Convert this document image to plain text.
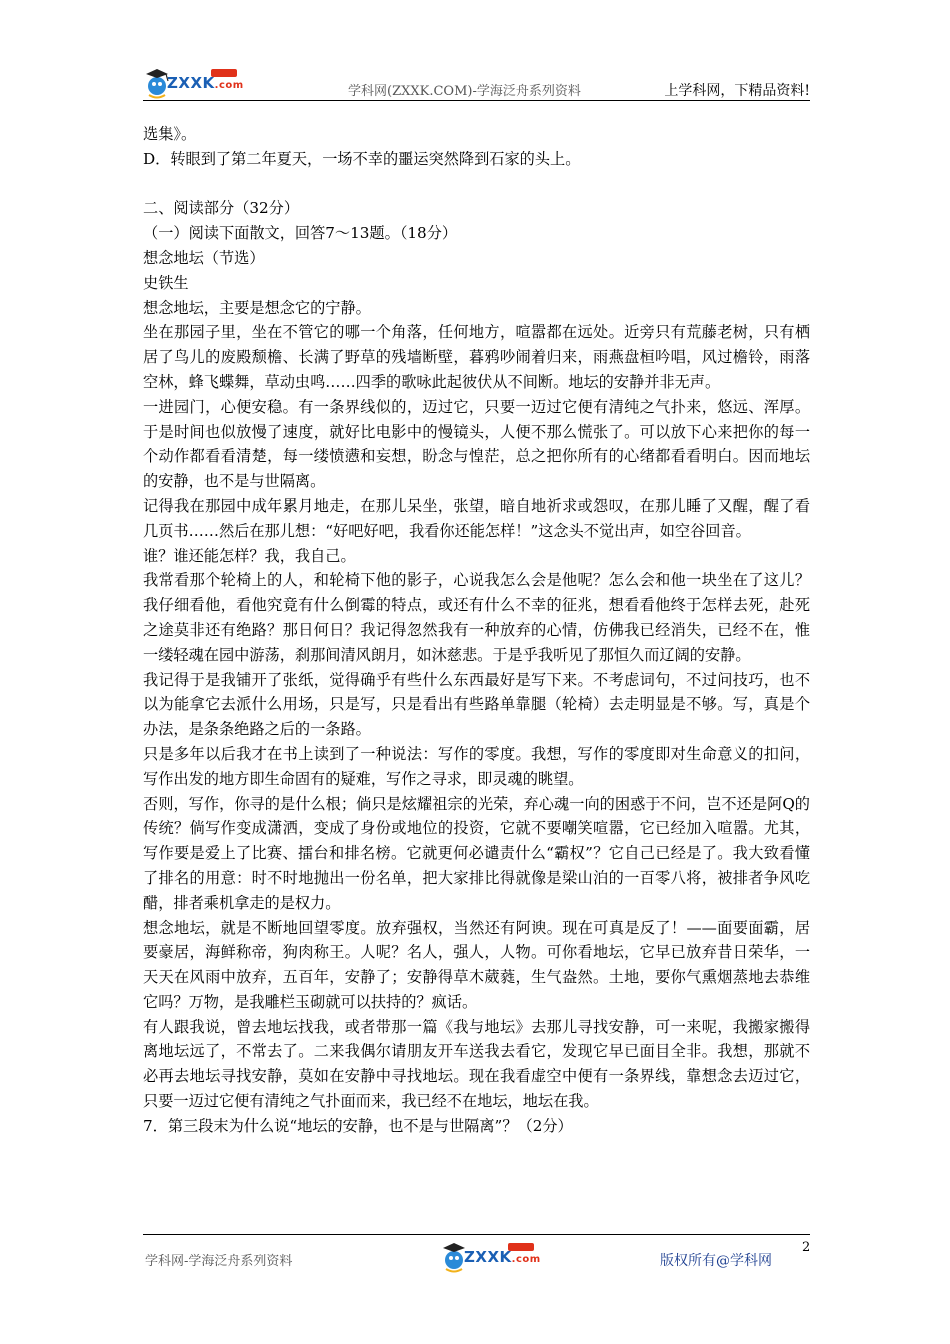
ZXXK.com	学科网(ZXXK.COM)-学海泛舟系列资料	上学科网，下精品资料!

选集》。

D．转眼到了第二年夏天，一场不幸的噩运突然降到石家的头上。

二、阅读部分（32分）

（一）阅读下面散文，回答7～13题。（18分）

想念地坛（节选）

史铁生

想念地坛，主要是想念它的宁静。

坐在那园子里，坐在不管它的哪一个角落，任何地方，喧嚣都在远处。近旁只有荒藤老树，只有栖居了鸟儿的废殿颓檐、长满了野草的残墙断壁，暮鸦吵闹着归来，雨燕盘桓吟唱，风过檐铃，雨落空林，蜂飞蝶舞，草动虫鸣……四季的歌咏此起彼伏从不间断。地坛的安静并非无声。

一进园门，心便安稳。有一条界线似的，迈过它，只要一迈过它便有清纯之气扑来，悠远、浑厚。于是时间也似放慢了速度，就好比电影中的慢镜头，人便不那么慌张了。可以放下心来把你的每一个动作都看看清楚，每一缕愤懑和妄想，盼念与惶茫，总之把你所有的心绪都看看明白。因而地坛的安静，也不是与世隔离。

记得我在那园中成年累月地走，在那儿呆坐，张望，暗自地祈求或怨叹，在那儿睡了又醒，醒了看几页书……然后在那儿想：“好吧好吧，我看你还能怎样！”这念头不觉出声，如空谷回音。

谁？谁还能怎样？我，我自己。

我常看那个轮椅上的人，和轮椅下他的影子，心说我怎么会是他呢？怎么会和他一块坐在了这儿？我仔细看他，看他究竟有什么倒霉的特点，或还有什么不幸的征兆，想看看他终于怎样去死，赴死之途莫非还有绝路？那日何日？我记得忽然我有一种放弃的心情，仿佛我已经消失，已经不在，惟一缕轻魂在园中游荡，刹那间清风朗月，如沐慈悲。于是乎我听见了那恒久而辽阔的安静。

我记得于是我铺开了张纸，觉得确乎有些什么东西最好是写下来。不考虑词句，不过问技巧，也不以为能拿它去派什么用场，只是写，只是看出有些路单靠腿（轮椅）去走明显是不够。写，真是个办法，是条条绝路之后的一条路。

只是多年以后我才在书上读到了一种说法：写作的零度。我想，写作的零度即对生命意义的扣问，写作出发的地方即生命固有的疑难，写作之寻求，即灵魂的眺望。

否则，写作，你寻的是什么根；倘只是炫耀祖宗的光荣，弃心魂一向的困惑于不问，岂不还是阿Q的传统？倘写作变成潇洒，变成了身份或地位的投资，它就不要嘲笑喧嚣，它已经加入喧嚣。尤其，写作要是爱上了比赛、擂台和排名榜。它就更何必谴责什么“霸权”？它自己已经是了。我大致看懂了排名的用意：时不时地抛出一份名单，把大家排比得就像是梁山泊的一百零八将，被排者争风吃醋，排者乘机拿走的是权力。

想念地坛，就是不断地回望零度。放弃强权，当然还有阿谀。现在可真是反了！——面要面霸，居要豪居，海鲜称帝，狗肉称王。人呢？名人，强人，人物。可你看地坛，它早已放弃昔日荣华，一天天在风雨中放弃，五百年，安静了；安静得草木葳蕤，生气盎然。土地，要你气熏烟蒸地去恭维它吗？万物，是我雕栏玉砌就可以扶持的？疯话。

有人跟我说，曾去地坛找我，或者带那一篇《我与地坛》去那儿寻找安静，可一来呢，我搬家搬得离地坛远了，不常去了。二来我偶尔请朋友开车送我去看它，发现它早已面目全非。我想，那就不必再去地坛寻找安静，莫如在安静中寻找地坛。现在我看虚空中便有一条界线，靠想念去迈过它，只要一迈过它便有清纯之气扑面而来，我已经不在地坛，地坛在我。

7．第三段末为什么说“地坛的安静，也不是与世隔离”？（2分）

2
学科网-学海泛舟系列资料	ZXXK.com	版权所有@学科网
